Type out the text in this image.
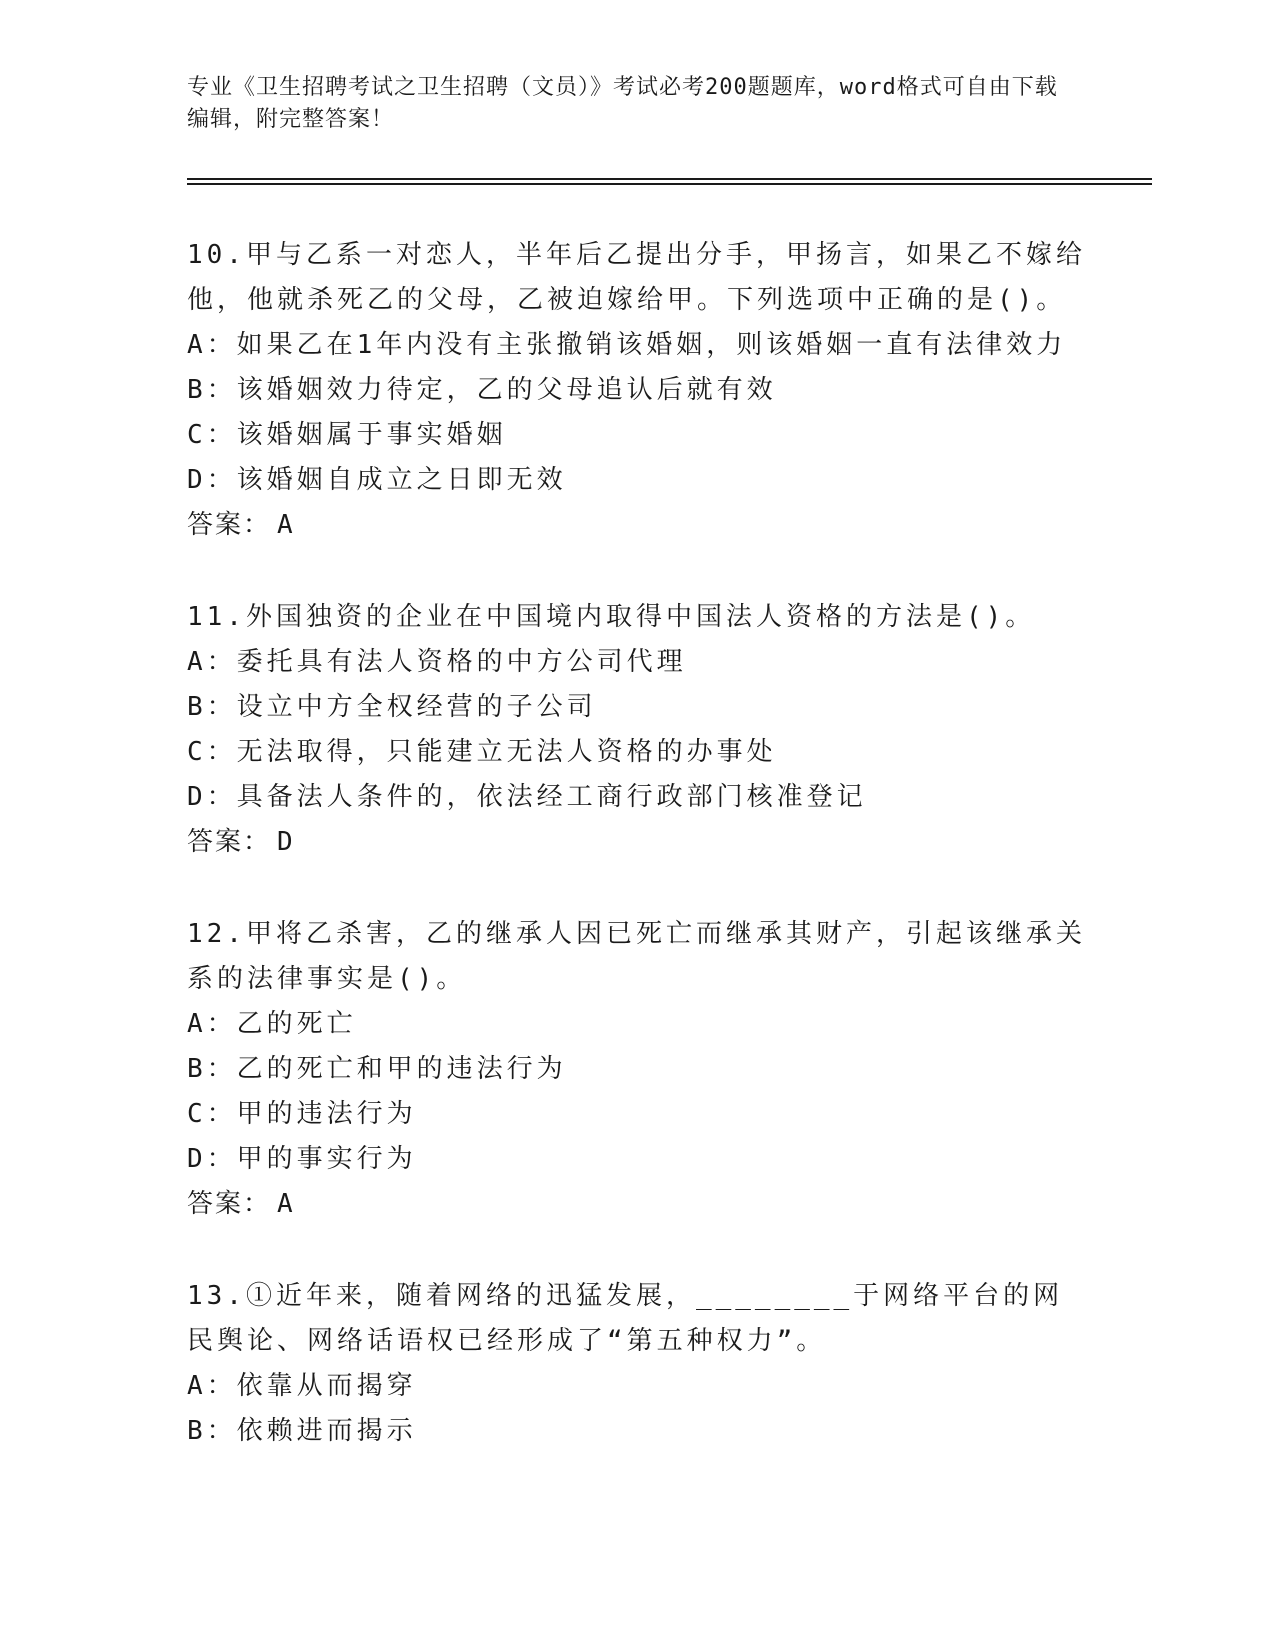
专业《卫生招聘考试之卫生招聘（文员）》考试必考200题题库，word格式可自由下载编辑，附完整答案！
10.甲与乙系一对恋人，半年后乙提出分手，甲扬言，如果乙不嫁给他，他就杀死乙的父母，乙被迫嫁给甲。下列选项中正确的是()。
A：如果乙在1年内没有主张撤销该婚姻，则该婚姻一直有法律效力
B：该婚姻效力待定，乙的父母追认后就有效
C：该婚姻属于事实婚姻
D：该婚姻自成立之日即无效
答案： A
11.外国独资的企业在中国境内取得中国法人资格的方法是()。
A：委托具有法人资格的中方公司代理
B：设立中方全权经营的子公司
C：无法取得，只能建立无法人资格的办事处
D：具备法人条件的，依法经工商行政部门核准登记
答案： D
12.甲将乙杀害，乙的继承人因已死亡而继承其财产，引起该继承关系的法律事实是()。
A：乙的死亡
B：乙的死亡和甲的违法行为
C：甲的违法行为
D：甲的事实行为
答案： A
13.①近年来，随着网络的迅猛发展，________于网络平台的网民舆论、网络话语权已经形成了“第五种权力”。
A：依靠从而揭穿
B：依赖进而揭示
